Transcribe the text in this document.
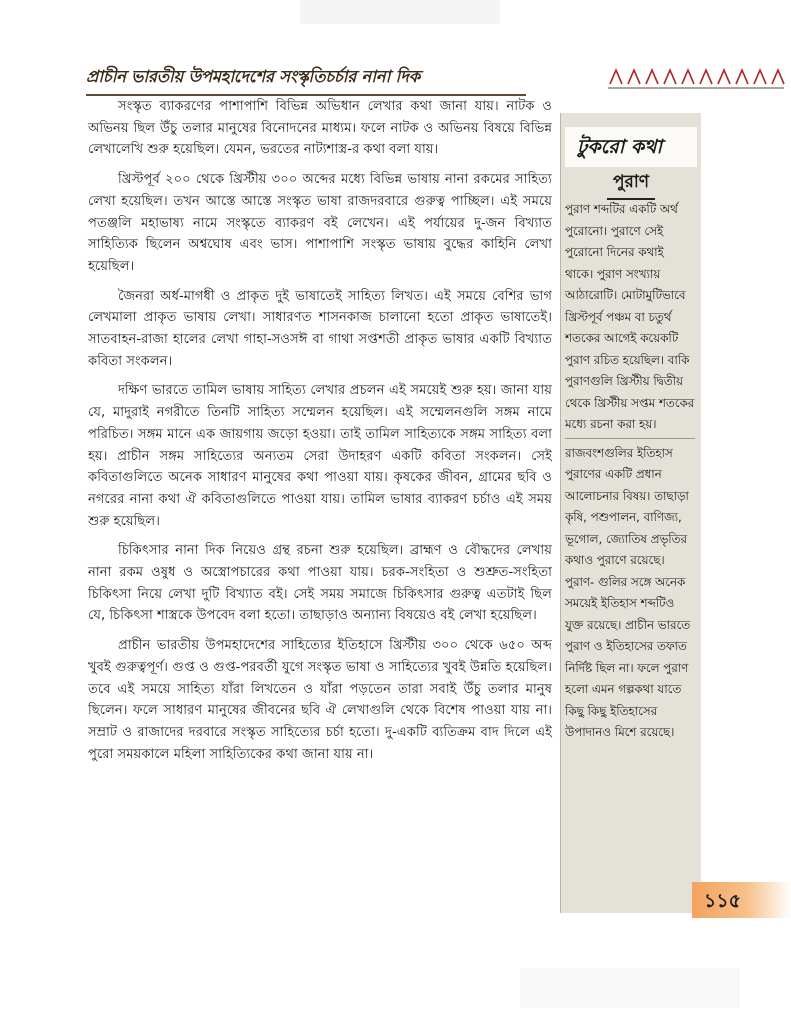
প্রাচীন ভারতীয় উপমহাদেশের সংস্কৃতিচর্চার নানা দিক

সংস্কৃত ব্যাকরণের পাশাপাশি বিভিন্ন অভিধান লেখার কথা জানা যায়। নাটক ও অভিনয় ছিল উঁচু তলার মানুষের বিনোদনের মাধ্যম। ফলে নাটক ও অভিনয় বিষয়ে বিভিন্ন লেখালেখি শুরু হয়েছিল। যেমন, ভরতের নাট্যশাস্ত্র-র কথা বলা যায়।

খ্রিস্টপূর্ব ২০০ থেকে খ্রিস্টীয় ৩০০ অব্দের মধ্যে বিভিন্ন ভাষায় নানা রকমের সাহিত্য লেখা হয়েছিল। তখন আস্তে আস্তে সংস্কৃত ভাষা রাজদরবারে গুরুত্ব পাচ্ছিল। এই সময়ে পতঞ্জলি মহাভাষ্য নামে সংস্কৃতে ব্যাকরণ বই লেখেন। এই পর্যায়ের দু-জন বিখ্যাত সাহিত্যিক ছিলেন অশ্বঘোষ এবং ভাস। পাশাপাশি সংস্কৃত ভাষায় বুদ্ধের কাহিনি লেখা হয়েছিল।

জৈনরা অর্ধ-মাগধী ও প্রাকৃত দুই ভাষাতেই সাহিত্য লিখত। এই সময়ে বেশির ভাগ লেখমালা প্রাকৃত ভাষায় লেখা। সাধারণত শাসনকাজ চালানো হতো প্রাকৃত ভাষাতেই। সাতবাহন-রাজা হালের লেখা গাহা-সওসঈ বা গাথা সপ্তশতী প্রাকৃত ভাষার একটি বিখ্যাত কবিতা সংকলন।

দক্ষিণ ভারতে তামিল ভাষায় সাহিত্য লেখার প্রচলন এই সময়েই শুরু হয়। জানা যায় যে, মাদুরাই নগরীতে তিনটি সাহিত্য সম্মেলন হয়েছিল। এই সম্মেলনগুলি সঙ্গম নামে পরিচিত। সঙ্গম মানে এক জায়গায় জড়ো হওয়া। তাই তামিল সাহিত্যকে সঙ্গম সাহিত্য বলা হয়। প্রাচীন সঙ্গম সাহিত্যের অন্যতম সেরা উদাহরণ একটি কবিতা সংকলন। সেই কবিতাগুলিতে অনেক সাধারণ মানুষের কথা পাওয়া যায়। কৃষকের জীবন, গ্রামের ছবি ও নগরের নানা কথা ঐ কবিতাগুলিতে পাওয়া যায়। তামিল ভাষার ব্যাকরণ চর্চাও এই সময় শুরু হয়েছিল।

চিকিৎসার নানা দিক নিয়েও গ্রন্থ রচনা শুরু হয়েছিল। ব্রাহ্মণ ও বৌদ্ধদের লেখায় নানা রকম ওষুধ ও অস্ত্রোপচারের কথা পাওয়া যায়। চরক-সংহিতা ও শুশ্রুত-সংহিতা চিকিৎসা নিয়ে লেখা দুটি বিখ্যাত বই। সেই সময় সমাজে চিকিৎসার গুরুত্ব এতটাই ছিল যে, চিকিৎসা শাস্ত্রকে উপবেদ বলা হতো। তাছাড়াও অন্যান্য বিষয়েও বই লেখা হয়েছিল।

প্রাচীন ভারতীয় উপমহাদেশের সাহিত্যের ইতিহাসে খ্রিস্টীয় ৩০০ থেকে ৬৫০ অব্দ খুবই গুরুত্বপূর্ণ। গুপ্ত ও গুপ্ত-পরবর্তী যুগে সংস্কৃত ভাষা ও সাহিত্যের খুবই উন্নতি হয়েছিল। তবে এই সময়ে সাহিত্য যাঁরা লিখতেন ও যাঁরা পড়তেন তারা সবাই উঁচু তলার মানুষ ছিলেন। ফলে সাধারণ মানুষের জীবনের ছবি ঐ লেখাগুলি থেকে বিশেষ পাওয়া যায় না। সম্রাট ও রাজাদের দরবারে সংস্কৃত সাহিত্যের চর্চা হতো। দু-একটি ব্যতিক্রম বাদ দিলে এই পুরো সময়কালে মহিলা সাহিত্যিকের কথা জানা যায় না।

টুকরো কথা
পুরাণ

পুরাণ শব্দটির একটি অর্থ পুরোনো। পুরাণে সেই পুরোনো দিনের কথাই থাকে। পুরাণ সংখ্যায় আঠারোটি। মোটামুটিভাবে খ্রিস্টপূর্ব পঞ্চম বা চতুর্থ শতকের আগেই কয়েকটি পুরাণ রচিত হয়েছিল। বাকি পুরাণগুলি খ্রিস্টীয় দ্বিতীয় থেকে খ্রিস্টীয় সপ্তম শতকের মধ্যে রচনা করা হয়।

রাজবংশগুলির ইতিহাস পুরাণের একটি প্রধান আলোচনার বিষয়। তাছাড়া কৃষি, পশুপালন, বাণিজ্য, ভূগোল, জ্যোতিষ প্রভৃতির কথাও পুরাণে রয়েছে। পুরাণ- গুলির সঙ্গে অনেক সময়েই ইতিহাস শব্দটিও যুক্ত রয়েছে। প্রাচীন ভারতে পুরাণ ও ইতিহাসের তফাত নির্দিষ্ট ছিল না। ফলে পুরাণ হলো এমন গল্পকথা যাতে কিছু কিছু ইতিহাসের উপাদানও মিশে রয়েছে।

১১৫
